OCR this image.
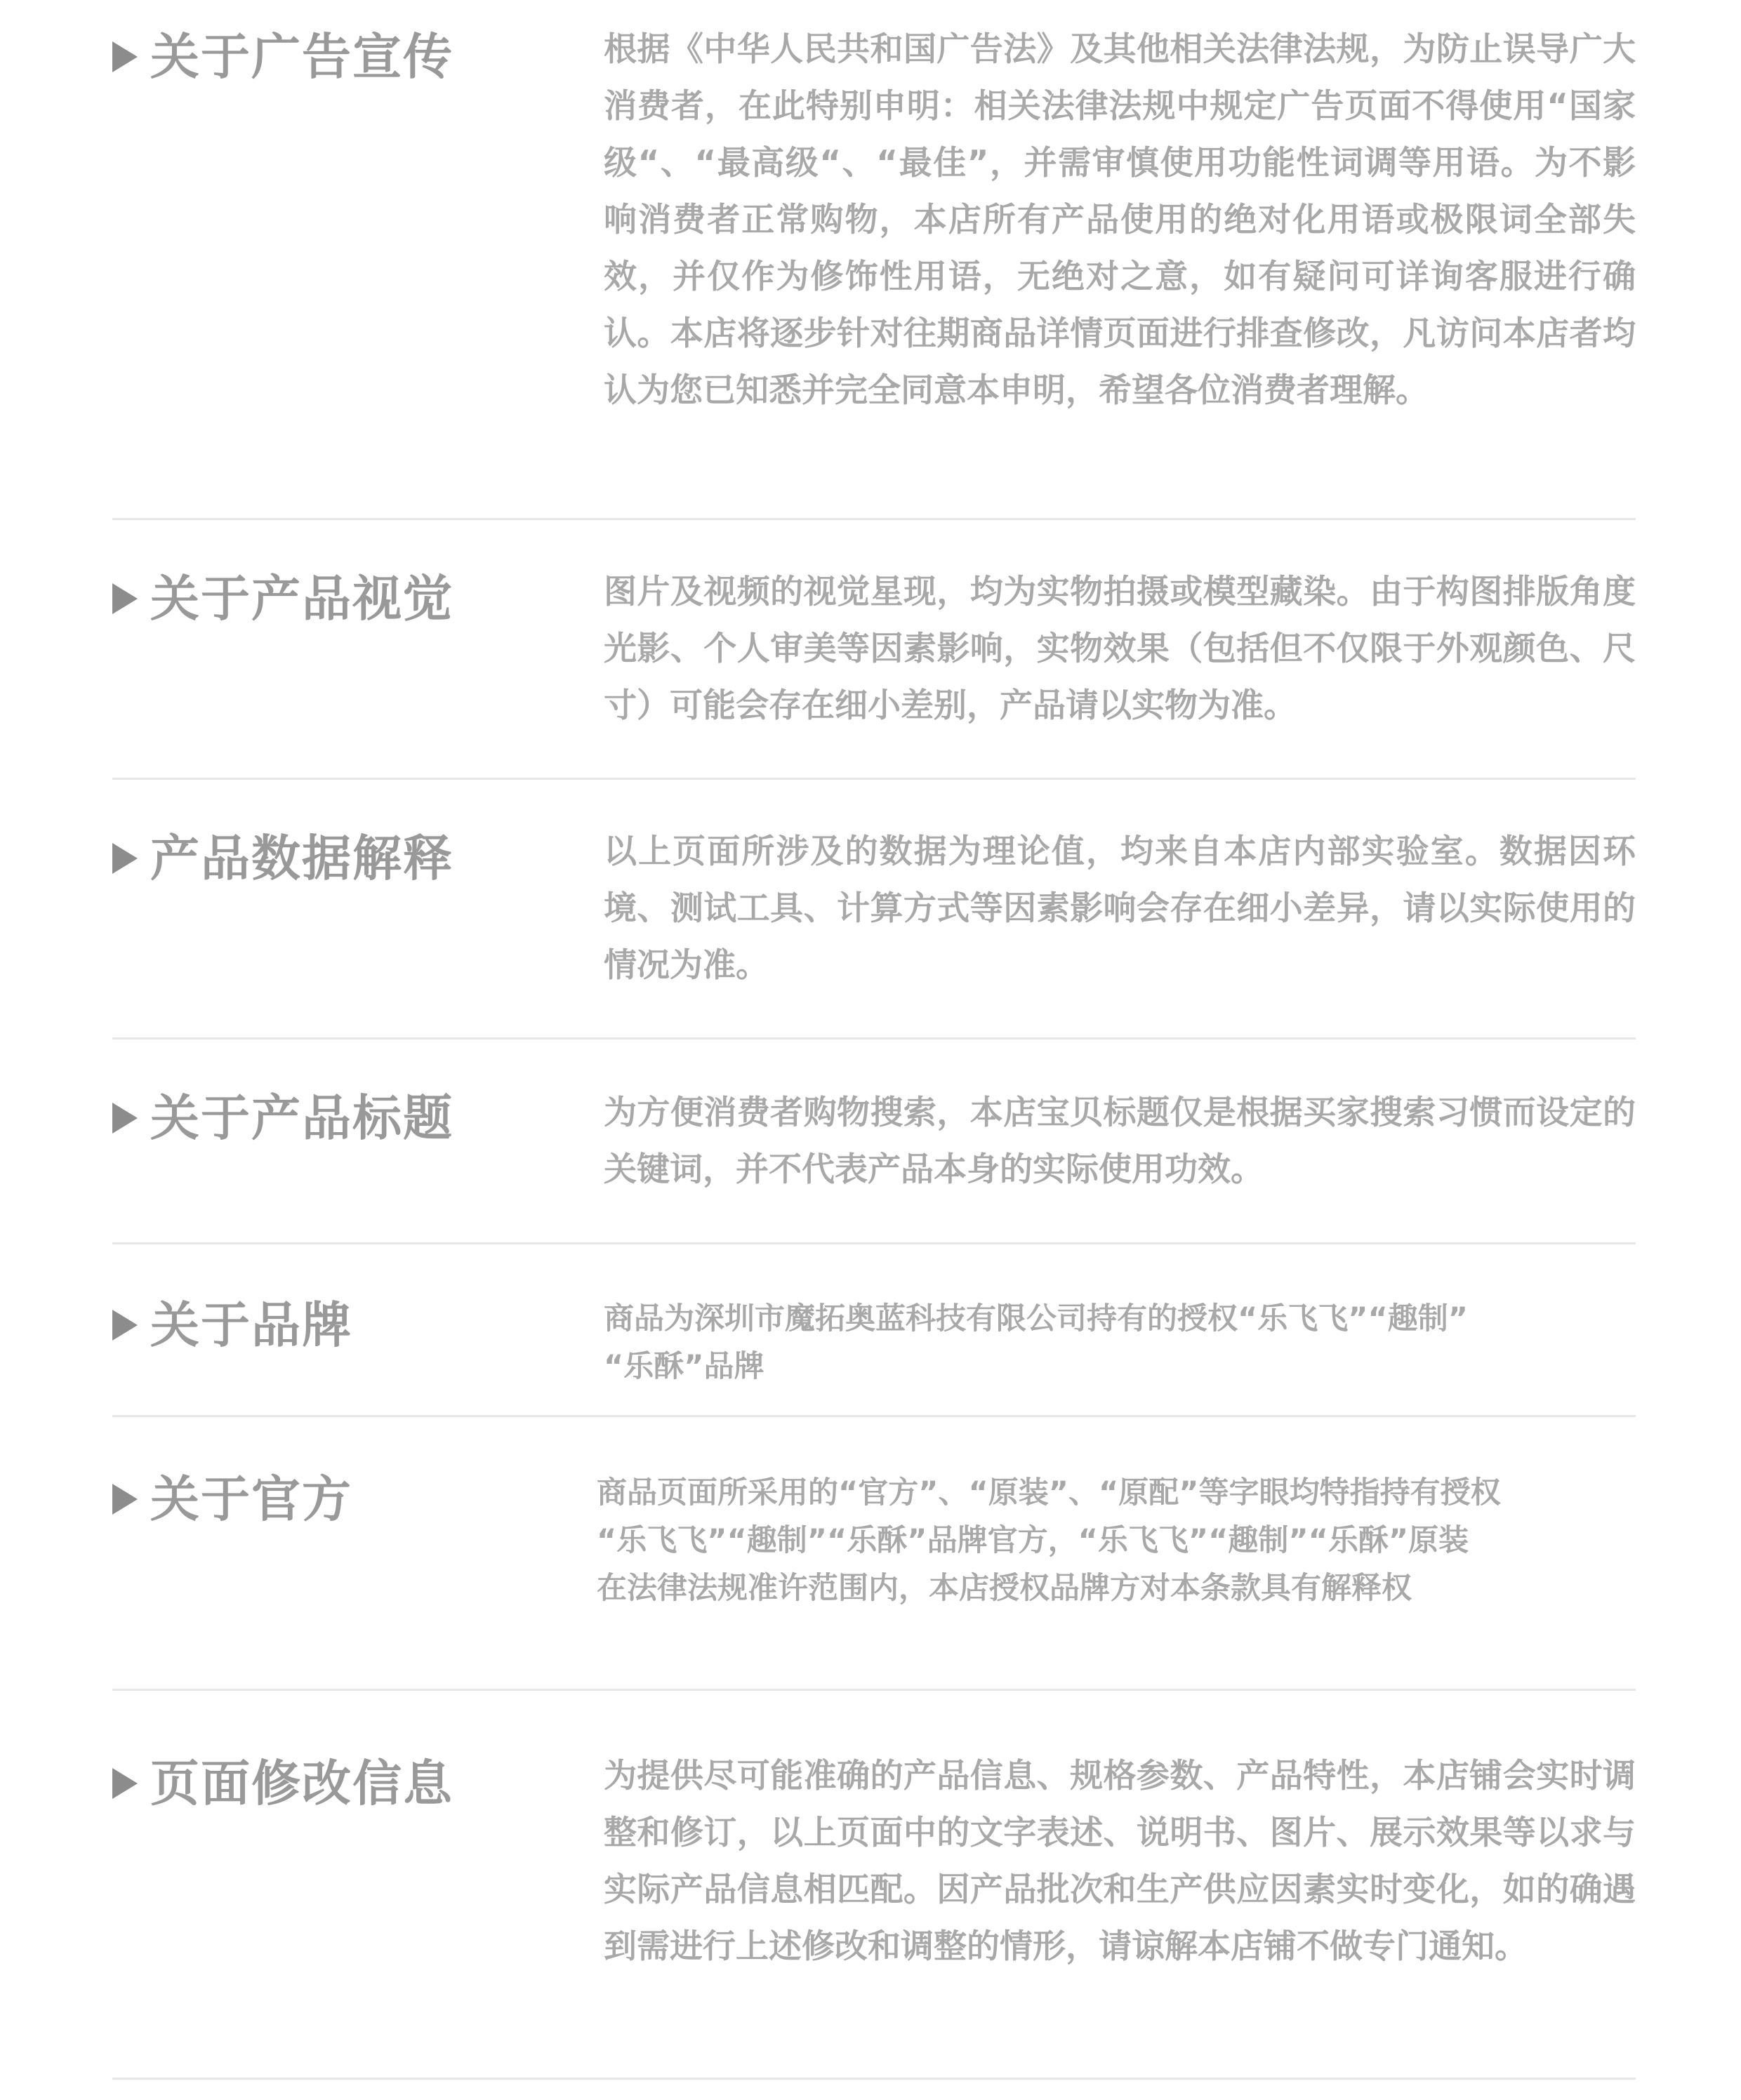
关于广告宣传	根据《中华人民共和国广告法》及其他相关法律法规，为防止误导广大消费者，在此特别申明：相关法律法规中规定广告页面不得使用“国家级“、“最高级“、“最佳”，并需审慎使用功能性词调等用语。为不影响消费者正常购物，本店所有产品使用的绝对化用语或极限词全部失效，并仅作为修饰性用语，无绝对之意，如有疑问可详询客服进行确认。本店将逐步针对往期商品详情页面进行排查修改，凡访问本店者均认为您已知悉并完全同意本申明，希望各位消费者理解。
关于产品视觉	图片及视频的视觉星现，均为实物拍摄或模型藏染。由于构图排版角度光影、个人审美等因素影响，实物效果（包括但不仅限于外观颜色、尺寸）可能会存在细小差别，产品请以实物为准。
产品数据解释	以上页面所涉及的数据为理论值，均来自本店内部实验室。数据因环境、测试工具、计算方式等因素影响会存在细小差异，请以实际使用的情况为准。
关于产品标题	为方便消费者购物搜索，本店宝贝标题仅是根据买家搜索习惯而设定的关键词，并不代表产品本身的实际使用功效。
关于品牌	商品为深圳市魔拓奥蓝科技有限公司持有的授权“乐飞飞”“趣制”
“乐酥”品牌
关于官方	商品页面所采用的“官方”、“原装”、“原配”等字眼均特指持有授权
“乐飞飞”“趣制”“乐酥”品牌官方，“乐飞飞”“趣制”“乐酥”原装
在法律法规准许范围内，本店授权品牌方对本条款具有解释权
页面修改信息	为提供尽可能准确的产品信息、规格参数、产品特性，本店铺会实时调整和修订，以上页面中的文字表述、说明书、图片、展示效果等以求与实际产品信息相匹配。因产品批次和生产供应因素实时变化，如的确遇到需进行上述修改和调整的情形，请谅解本店铺不做专门通知。
